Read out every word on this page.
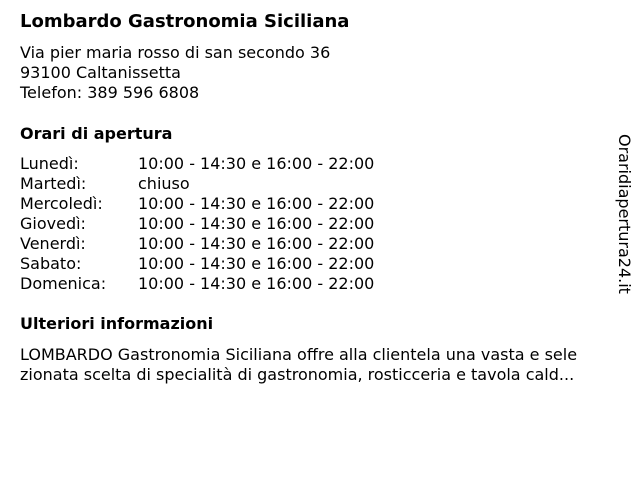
Lombardo Gastronomia Siciliana
Via pier maria rosso di san secondo 36
93100 Caltanissetta
Telefon: 389 596 6808
Orari di apertura
Lunedì:	10:00 - 14:30 e 16:00 - 22:00
Martedì:	chiuso
Mercoledì: 10:00 - 14:30 e 16:00 - 22:00
Giovedì:	10:00 - 14:30 e 16:00 - 22:00
Venerdì:	10:00 - 14:30 e 16:00 - 22:00
Sabato:	10:00 - 14:30 e 16:00 - 22:00
Domenica: 10:00 - 14:30 e 16:00 - 22:00
Ulteriori informazioni
LOMBARDO Gastronomia Siciliana offre alla clientela una vasta e sele
zionata scelta di specialità di gastronomia, rosticceria e tavola cald...
Oraridiapertura24.it
